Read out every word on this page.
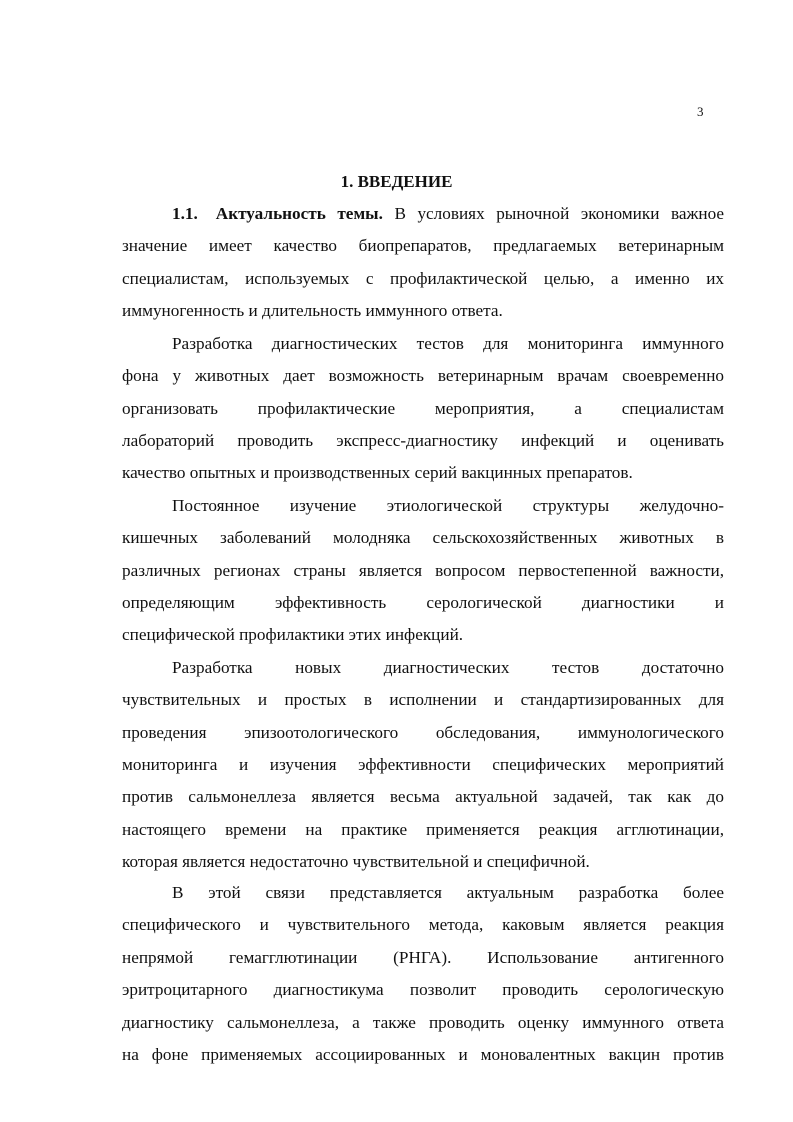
3
1. ВВЕДЕНИЕ
1.1. Актуальность темы. В условиях рыночной экономики важное
значение имеет качество биопрепаратов, предлагаемых ветеринарным
специалистам, используемых с профилактической целью, а именно их
иммуногенность и длительность иммунного ответа.
Разработка диагностических тестов для мониторинга иммунного
фона у животных дает возможность ветеринарным врачам своевременно
организовать профилактические мероприятия, а специалистам
лабораторий проводить экспресс-диагностику инфекций и оценивать
качество опытных и производственных серий вакцинных препаратов.
Постоянное изучение этиологической структуры желудочно-
кишечных заболеваний молодняка сельскохозяйственных животных в
различных регионах страны является вопросом первостепенной важности,
определяющим эффективность серологической диагностики и
специфической профилактики этих инфекций.
Разработка новых диагностических тестов достаточно
чувствительных и простых в исполнении и стандартизированных для
проведения эпизоотологического обследования, иммунологического
мониторинга и изучения эффективности специфических мероприятий
против сальмонеллеза является весьма актуальной задачей, так как до
настоящего времени на практике применяется реакция агглютинации,
которая является недостаточно чувствительной и специфичной.
В этой связи представляется актуальным разработка более
специфического и чувствительного метода, каковым является реакция
непрямой гемагглютинации (РНГА). Использование антигенного
эритроцитарного диагностикума позволит проводить серологическую
диагностику сальмонеллеза, а также проводить оценку иммунного ответа
на фоне применяемых ассоциированных и моновалентных вакцин против
